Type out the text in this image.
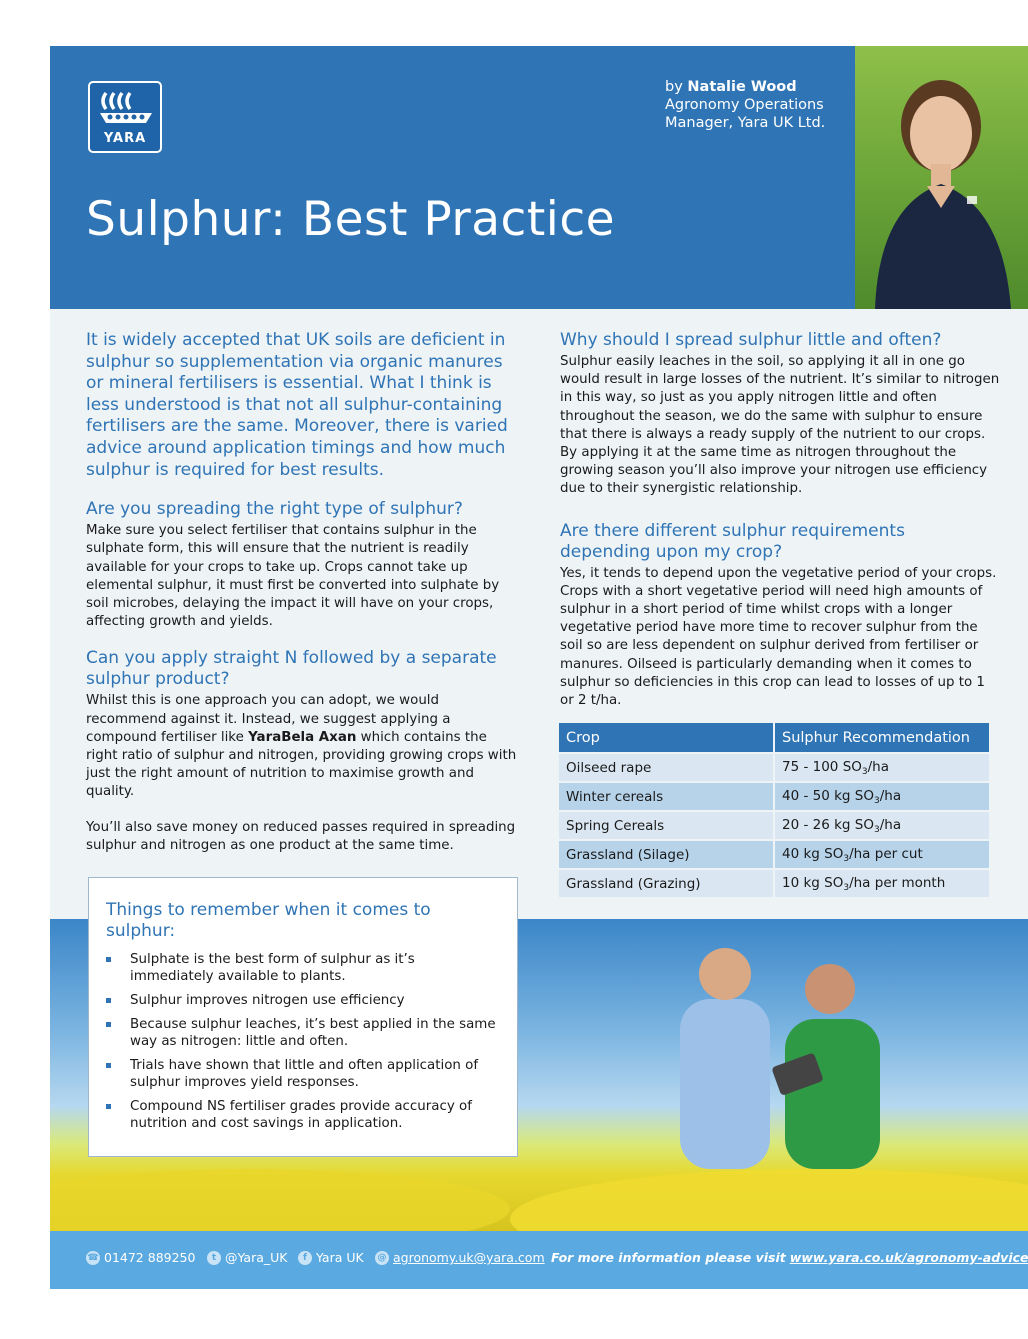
YARA
by Natalie Wood
Agronomy Operations
Manager, Yara UK Ltd.
Sulphur: Best Practice

It is widely accepted that UK soils are deficient in sulphur so supplementation via organic manures or mineral fertilisers is essential. What I think is less understood is that not all sulphur-containing fertilisers are the same. Moreover, there is varied advice around application timings and how much sulphur is required for best results.

Are you spreading the right type of sulphur?

Make sure you select fertiliser that contains sulphur in the sulphate form, this will ensure that the nutrient is readily available for your crops to take up. Crops cannot take up elemental sulphur, it must first be converted into sulphate by soil microbes, delaying the impact it will have on your crops, affecting growth and yields.

Can you apply straight N followed by a separate sulphur product?

Whilst this is one approach you can adopt, we would recommend against it. Instead, we suggest applying a compound fertiliser like YaraBela Axan which contains the right ratio of sulphur and nitrogen, providing growing crops with just the right amount of nutrition to maximise growth and quality.

You’ll also save money on reduced passes required in spreading sulphur and nitrogen as one product at the same time.

Why should I spread sulphur little and often?

Sulphur easily leaches in the soil, so applying it all in one go would result in large losses of the nutrient. It’s similar to nitrogen in this way, so just as you apply nitrogen little and often throughout the season, we do the same with sulphur to ensure that there is always a ready supply of the nutrient to our crops. By applying it at the same time as nitrogen throughout the growing season you’ll also improve your nitrogen use efficiency due to their synergistic relationship.

Are there different sulphur requirements depending upon my crop?

Yes, it tends to depend upon the vegetative period of your crops. Crops with a short vegetative period will need high amounts of sulphur in a short period of time whilst crops with a longer vegetative period have more time to recover sulphur from the soil so are less dependent on sulphur derived from fertiliser or manures. Oilseed is particularly demanding when it comes to sulphur so deficiencies in this crop can lead to losses of up to 1 or 2 t/ha.

Crop	Sulphur Recommendation
Oilseed rape	75 - 100 $SO_3/ha$
Winter cereals	40 - 50 kg $SO_3/ha$
Spring Cereals	20 - 26 kg $SO_3/ha$
Grassland (Silage)	40 kg $SO_3/ha$ per cut
Grassland (Grazing)	10 kg $SO_3/ha$ per month
Things to remember when it comes to sulphur:
Sulphate is the best form of sulphur as it’s immediately available to plants.
Sulphur improves nitrogen use efficiency
Because sulphur leaches, it’s best applied in the same way as nitrogen: little and often.
Trials have shown that little and often application of sulphur improves yield responses.
Compound NS fertiliser grades provide accuracy of nutrition and cost savings in application.
☎ 01472 889250	t @Yara_UK	f Yara UK @ agronomy.uk@yara.com For more information please visit www.yara.co.uk/agronomy-advice
